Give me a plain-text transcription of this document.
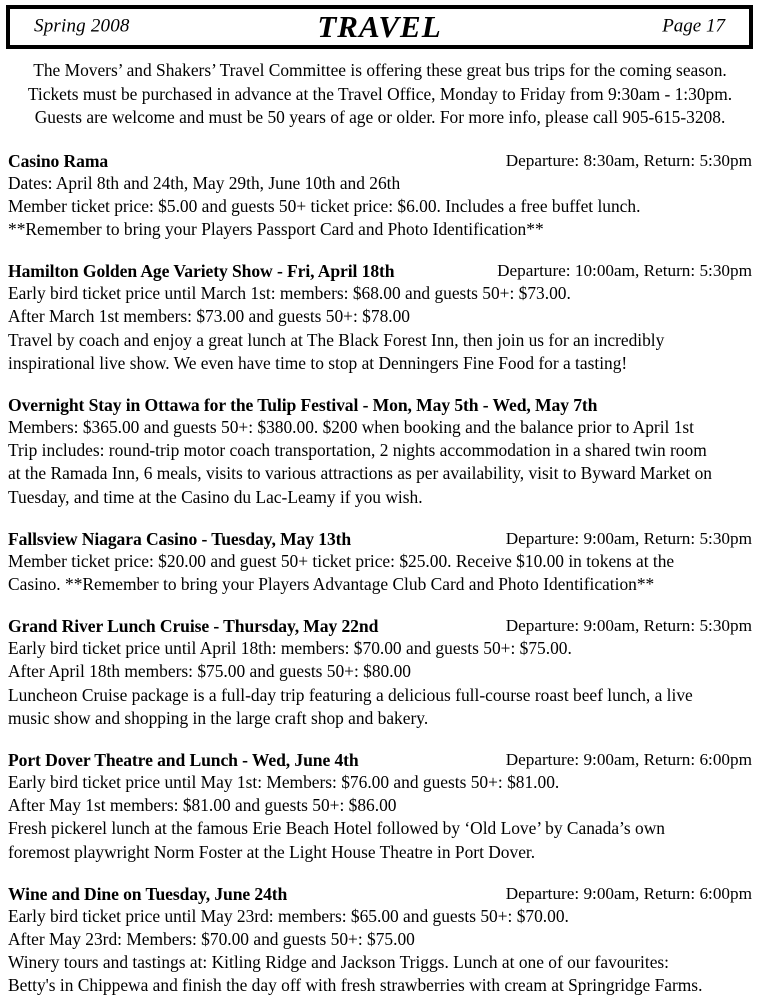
Spring 2008	TRAVEL	Page 17
The Movers’ and Shakers’ Travel Committee is offering these great bus trips for the coming season.
Tickets must be purchased in advance at the Travel Office, Monday to Friday from 9:30am - 1:30pm.
Guests are welcome and must be 50 years of age or older. For more info, please call 905-615-3208.
Casino Rama	Departure: 8:30am, Return: 5:30pm
Dates: April 8th and 24th, May 29th, June 10th and 26th
Member ticket price: $5.00 and guests 50+ ticket price: $6.00. Includes a free buffet lunch.
**Remember to bring your Players Passport Card and Photo Identification**
Hamilton Golden Age Variety Show - Fri, April 18th	Departure: 10:00am, Return: 5:30pm
Early bird ticket price until March 1st: members: $68.00 and guests 50+: $73.00.
After March 1st members: $73.00 and guests 50+: $78.00
Travel by coach and enjoy a great lunch at The Black Forest Inn, then join us for an incredibly
inspirational live show. We even have time to stop at Denningers Fine Food for a tasting!
Overnight Stay in Ottawa for the Tulip Festival - Mon, May 5th - Wed, May 7th
Members: $365.00 and guests 50+: $380.00. $200 when booking and the balance prior to April 1st
Trip includes: round-trip motor coach transportation, 2 nights accommodation in a shared twin room
at the Ramada Inn, 6 meals, visits to various attractions as per availability, visit to Byward Market on
Tuesday, and time at the Casino du Lac-Leamy if you wish.
Fallsview Niagara Casino - Tuesday, May 13th	Departure: 9:00am, Return: 5:30pm
Member ticket price: $20.00 and guest 50+ ticket price: $25.00. Receive $10.00 in tokens at the
Casino. **Remember to bring your Players Advantage Club Card and Photo Identification**
Grand River Lunch Cruise - Thursday, May 22nd	Departure: 9:00am, Return: 5:30pm
Early bird ticket price until April 18th: members: $70.00 and guests 50+: $75.00.
After April 18th members: $75.00 and guests 50+: $80.00
Luncheon Cruise package is a full-day trip featuring a delicious full-course roast beef lunch, a live
music show and shopping in the large craft shop and bakery.
Port Dover Theatre and Lunch - Wed, June 4th	Departure: 9:00am, Return: 6:00pm
Early bird ticket price until May 1st: Members: $76.00 and guests 50+: $81.00.
After May 1st members: $81.00 and guests 50+: $86.00
Fresh pickerel lunch at the famous Erie Beach Hotel followed by ‘Old Love’ by Canada’s own
foremost playwright Norm Foster at the Light House Theatre in Port Dover.
Wine and Dine on Tuesday, June 24th	Departure: 9:00am, Return: 6:00pm
Early bird ticket price until May 23rd: members: $65.00 and guests 50+: $70.00.
After May 23rd: Members: $70.00 and guests 50+: $75.00
Winery tours and tastings at: Kitling Ridge and Jackson Triggs. Lunch at one of our favourites:
Betty's in Chippewa and finish the day off with fresh strawberries with cream at Springridge Farms.
